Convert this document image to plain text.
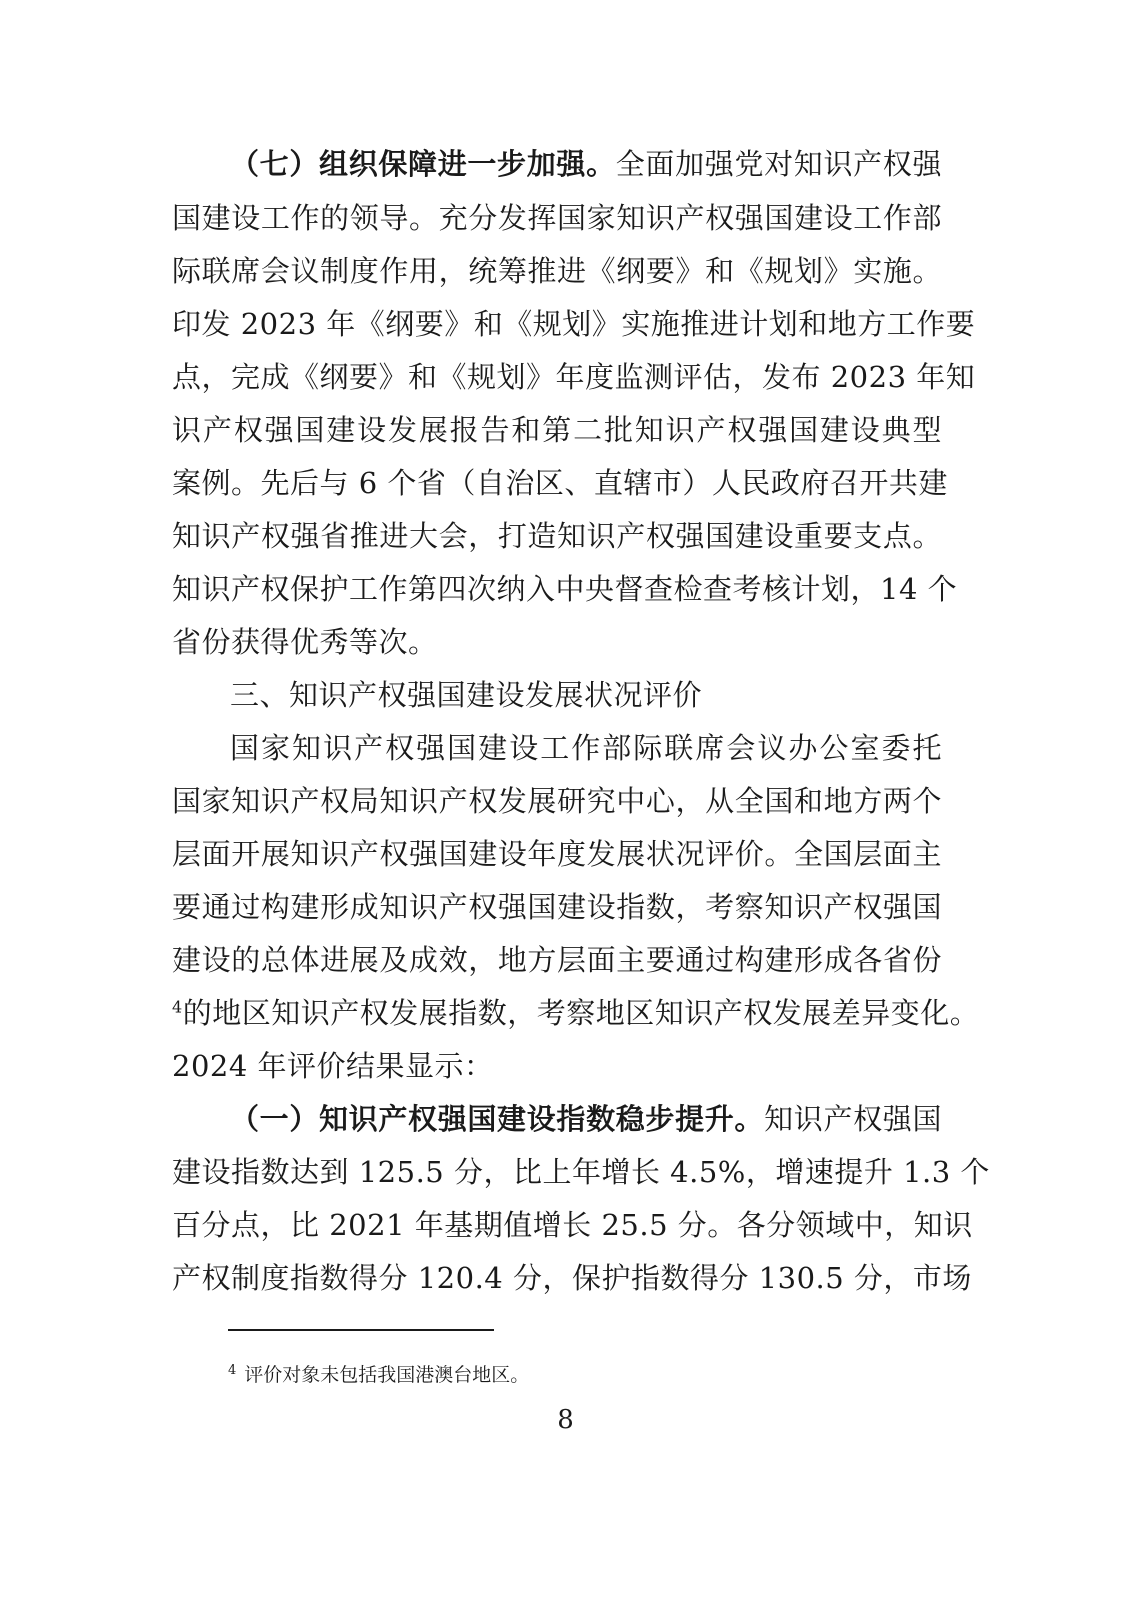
（七）组织保障进一步加强。全面加强党对知识产权强
国建设工作的领导。充分发挥国家知识产权强国建设工作部
际联席会议制度作用，统筹推进《纲要》和《规划》实施。
印发 2023 年《纲要》和《规划》实施推进计划和地方工作要
点，完成《纲要》和《规划》年度监测评估，发布 2023 年知
识产权强国建设发展报告和第二批知识产权强国建设典型
案例。先后与 6 个省（自治区、直辖市）人民政府召开共建
知识产权强省推进大会，打造知识产权强国建设重要支点。
知识产权保护工作第四次纳入中央督查检查考核计划，14 个
省份获得优秀等次。
三、知识产权强国建设发展状况评价
国家知识产权强国建设工作部际联席会议办公室委托
国家知识产权局知识产权发展研究中心，从全国和地方两个
层面开展知识产权强国建设年度发展状况评价。全国层面主
要通过构建形成知识产权强国建设指数，考察知识产权强国
建设的总体进展及成效，地方层面主要通过构建形成各省份
$^4$的地区知识产权发展指数，考察地区知识产权发展差异变化。
2024 年评价结果显示：
（一）知识产权强国建设指数稳步提升。知识产权强国
建设指数达到 125.5 分，比上年增长 4.5%，增速提升 1.3 个
百分点，比 2021 年基期值增长 25.5 分。各分领域中，知识
产权制度指数得分 120.4 分，保护指数得分 130.5 分，市场
$^4$ 评价对象未包括我国港澳台地区。
8
